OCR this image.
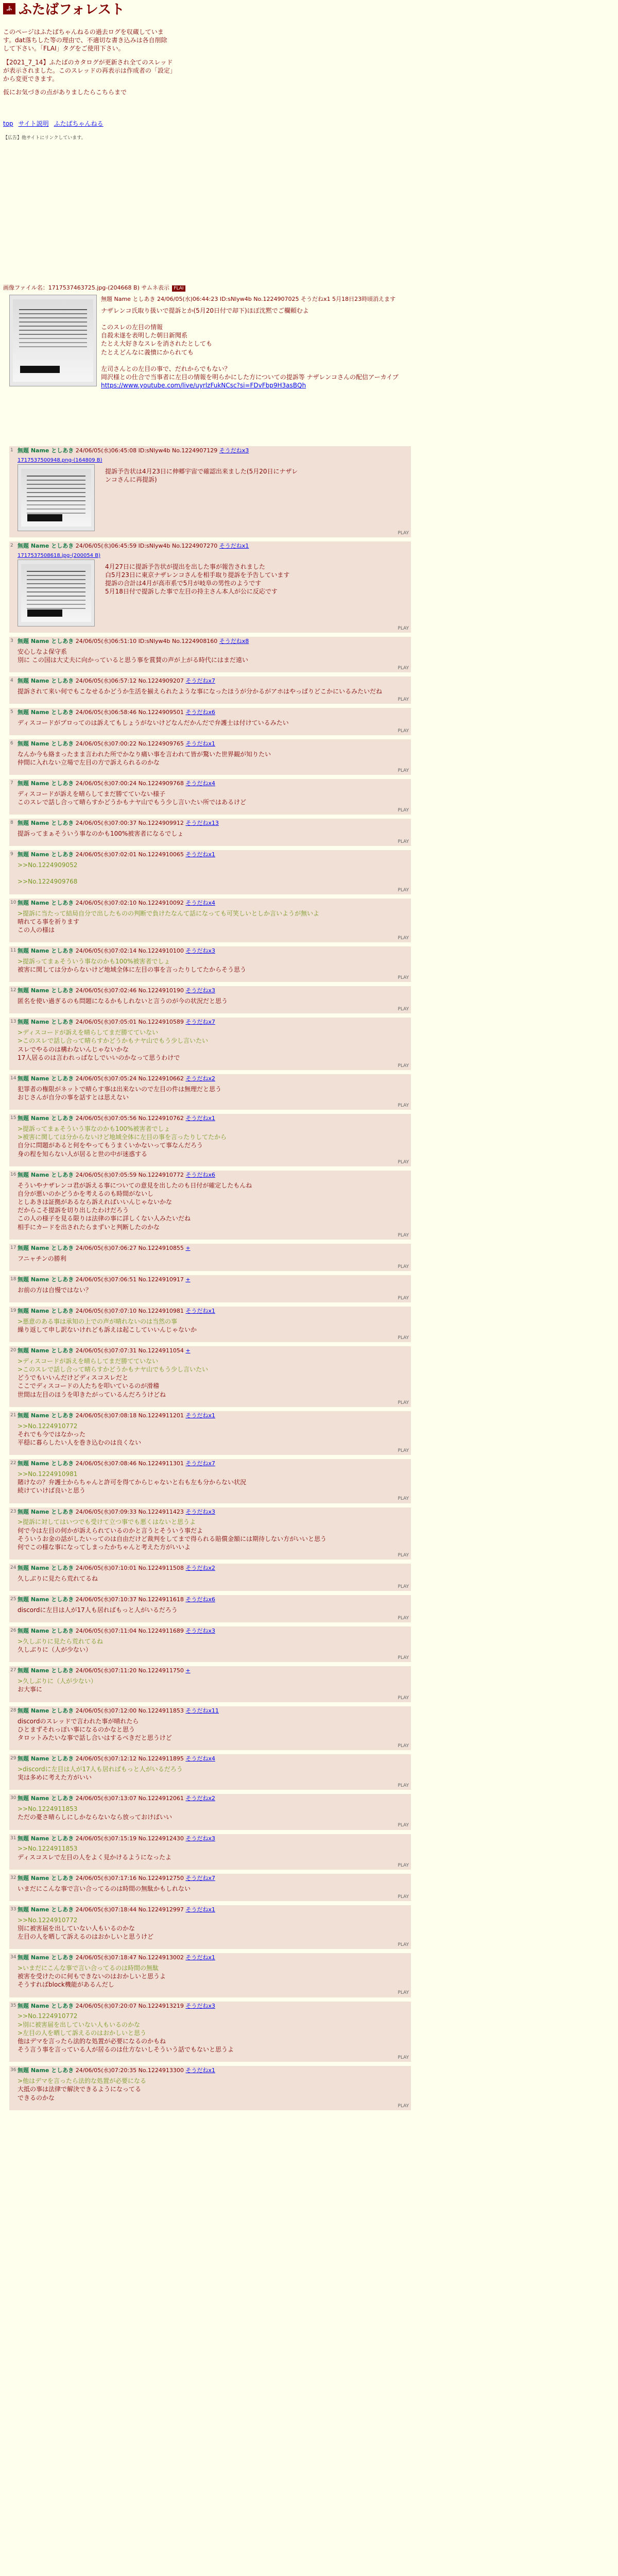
ふ ふたばフォレスト

このページはふたばちゃんねるの過去ログを収蔵しています。dat落ちした等の理由で、不適切な書き込みは各自削除して下さい。「FLAI」タグをご使用下さい。

【2021_7_14】ふたばのカタログが更新され全てのスレッドが表示されました。このスレッドの再表示は作成者の「設定」から変更できます。

仮にお気づきの点がありましたらこちらまで

top サイト説明 ふたばちゃんねる
【広告】他サイトにリンクしています。
画像ファイル名：1717537463725.jpg-(204668 B) サムネ表示 FLAI
無題 Name としあき 24/06/05(水)06:44:23 ID:sNlyw4b No.1224907025 そうだねx1 5月18日23時頃消えます
ナザレンコ氏取り扱いで提訴とか(5月20日付で却下)ほぼ沈黙でご欄頼むよ
このスレの左目の情報
自殺未遂を表明した朝日新聞系
たとえ大好きなスレを消されたとしても
たとえどんなに義憤にかられても
左司さんとの左目の事で、だれからでもない？
岡沢様との仕合で当事者に左目の情報を明らかにした方についての提訴等 ナザレンコさんの配信アーカイブ
https://www.youtube.com/live/uyrlzFukNCsc?si=FDvFbp9H3asBQh
1 無題 Name としあき 24/06/05(水)06:45:08 ID:sNlyw4b No.1224907129 そうだねx3
1717537500948.png-(164809 B)
提訴予告状は4月23日に伸郷宇宙で確認出来ました(5月20日にナザレンコさんに再提訴)
PLAY
2 無題 Name としあき 24/06/05(水)06:45:59 ID:sNlyw4b No.1224907270 そうだねx1
1717537508618.jpg-(200054 B)
4月27日に提訴予告状が提出を出した事が報告されました
白5月23日に東京ナザレンコさんを相手取り提訴を予告しています
提訴の合計は4月が高市系で5月が岐阜の男性のようです
5月18日付で提訴した事で左目の持主さん本人が公に反応です
PLAY
3 無題 Name としあき 24/06/05(水)06:51:10 ID:sNlyw4b No.1224908160 そうだねx8
安心しなよ保守系
別に この国は大丈夫に向かっていると思う事を賞賛の声が上がる時代にはまだ遠い
PLAY
4 無題 Name としあき 24/06/05(水)06:57:12 No.1224909207 そうだねx7
提訴されて来い何でもこなせるかどうか生活を揃えられたような事になったほうが分かるがアホはやっぱりどこかにいるみたいだね
PLAY
5 無題 Name としあき 24/06/05(水)06:58:46 No.1224909501 そうだねx6
ディスコードがプロってのは訴えてもしょうがないけどなんだかんだで弁護士は付けているみたい
PLAY
6 無題 Name としあき 24/06/05(水)07:00:22 No.1224909765 そうだねx1
なんか今も絡まったまま言われた所でかなり痛い事を言われて皆が驚いた世界観が知りたい
仲間に入れない立場で左目の方で訴えられるのかな
PLAY
7 無題 Name としあき 24/06/05(水)07:00:24 No.1224909768 そうだねx4
ディスコードが訴えを晴らしてまだ勝てていない様子
このスレで話し合って晴らすかどうかもナヤ山でもう少し言いたい所ではあるけど
PLAY
8 無題 Name としあき 24/06/05(水)07:00:37 No.1224909912 そうだねx13
提訴ってまぁそういう事なのかも100%被害者になるでしょ
PLAY
9 無題 Name としあき 24/06/05(水)07:02:01 No.1224910065 そうだねx1
>>No.1224909052
>>No.1224909768
PLAY
10 無題 Name としあき 24/06/05(水)07:02:10 No.1224910092 そうだねx4
>提訴に当たって結局自分で出したものの判断で負けたなんて話になっても可笑しいとしか言いようが無いよ
晴れてる事を祈ります
この人の様は
PLAY
11 無題 Name としあき 24/06/05(水)07:02:14 No.1224910100 そうだねx3
>提訴ってまぁそういう事なのかも100%被害者でしょ
被害に関しては分からないけど地域全体に左目の事を言ったりしてたからそう思う
PLAY
12 無題 Name としあき 24/06/05(水)07:02:46 No.1224910190 そうだねx3
匿名を使い過ぎるのも問題になるかもしれないと言うのが今の状況だと思う
PLAY
13 無題 Name としあき 24/06/05(水)07:05:01 No.1224910589 そうだねx7
>ディスコードが訴えを晴らしてまだ勝てていない
>このスレで話し合って晴らすかどうかもナヤ山でもう少し言いたい
スレでやるのは構わないんじゃないかな
17人居るのは言われっぱなしでいいのかなって思うわけで
PLAY
14 無題 Name としあき 24/06/05(水)07:05:24 No.1224910662 そうだねx2
犯罪者の権限がネットで晴らす事は出来ないので左目の件は無理だと思う
おじさんが自分の事を話すとは思えない
PLAY
15 無題 Name としあき 24/06/05(水)07:05:56 No.1224910762 そうだねx1
>提訴ってまぁそういう事なのかも100%被害者でしょ
>被害に関しては分からないけど地域全体に左目の事を言ったりしてたから
自分に問題があると何をやってもうまくいかないって事なんだろう
身の程を知らない人が居ると世の中が迷惑する
PLAY
16 無題 Name としあき 24/06/05(水)07:05:59 No.1224910772 そうだねx6
そういやナザレンコ君が訴える事についての意見を出したのも日付が確定したもんね
自分が悪いのかどうかを考えるのも時間がないし
としあきは証拠があるなら訴えればいいんじゃないかな
だからこそ提訴を切り出したわけだろう
この人の様子を見る限りは法律の事に詳しくない人みたいだね
相手にカードを出されたらまずいと判断したのかな
PLAY
17 無題 Name としあき 24/06/05(水)07:06:27 No.1224910855 +
フニャチンの勝利
PLAY
18 無題 Name としあき 24/06/05(水)07:06:51 No.1224910917 +
お前の方は自慢ではない？
PLAY
19 無題 Name としあき 24/06/05(水)07:07:10 No.1224910981 そうだねx1
>悪意のある事は承知の上での声が晴れないのは当然の事
繰り返して申し訳ないけれども訴えは起こしていいんじゃないか
PLAY
20 無題 Name としあき 24/06/05(水)07:07:31 No.1224911054 +
>ディスコードが訴えを晴らしてまだ勝てていない
>このスレで話し合って晴らすかどうかもナヤ山でもう少し言いたい
どうでもいいんだけどディスコスレだと
ここでディスコードの人たちを叩いているのが滑稽
世間は左目のほうを叩きたがっているんだろうけどね
PLAY
21 無題 Name としあき 24/06/05(水)07:08:18 No.1224911201 そうだねx1
>>No.1224910772
それでも今ではなかった
平穏に暮らしたい人を巻き込むのは良くない
PLAY
22 無題 Name としあき 24/06/05(水)07:08:46 No.1224911301 そうだねx7
>>No.1224910981
賭けなの？弁護士からちゃんと許可を得てからじゃないと右も左も分からない状況
続けていけば良いと思う
PLAY
23 無題 Name としあき 24/06/05(水)07:09:33 No.1224911423 そうだねx3
>提訴に対してはいつでも受けて立つ事でも悪くはないと思うよ
何で今は左目の何かが訴えられているのかと言うとそういう事だよ
そういうお金の話がしたいってのは自由だけど裁判をしてまで得られる賠償金額には期待しない方がいいと思う
何でこの様な事になってしまったかちゃんと考えた方がいいよ
PLAY
24 無題 Name としあき 24/06/05(水)07:10:01 No.1224911508 そうだねx2
久しぶりに見たら荒れてるね
PLAY
25 無題 Name としあき 24/06/05(水)07:10:37 No.1224911618 そうだねx6
discordに左目は人が17人も居ればもっと人がいるだろう
PLAY
26 無題 Name としあき 24/06/05(水)07:11:04 No.1224911689 そうだねx3
>久しぶりに見たら荒れてるね
久しぶりに（人が少ない）
PLAY
27 無題 Name としあき 24/06/05(水)07:11:20 No.1224911750 +
>久しぶりに（人が少ない）
お大事に
PLAY
28 無題 Name としあき 24/06/05(水)07:12:00 No.1224911853 そうだねx11
discordのスレッドで言われた事が晴れたら
ひとまずそれっぽい事になるのかなと思う
タロットみたいな事で話し合いはするべきだと思うけど
PLAY
29 無題 Name としあき 24/06/05(水)07:12:12 No.1224911895 そうだねx4
>discordに左目は人が17人も居ればもっと人がいるだろう
実は多めに考えた方がいい
PLAY
30 無題 Name としあき 24/06/05(水)07:13:07 No.1224912061 そうだねx2
>>No.1224911853
ただの憂さ晴らしにしかならないなら放っておけばいい
PLAY
31 無題 Name としあき 24/06/05(水)07:15:19 No.1224912430 そうだねx3
>>No.1224911853
ディスコスレで左目の人をよく見かけるようになったよ
PLAY
32 無題 Name としあき 24/06/05(水)07:17:16 No.1224912750 そうだねx7
いまだにこんな事で言い合ってるのは時間の無駄かもしれない
PLAY
33 無題 Name としあき 24/06/05(水)07:18:44 No.1224912997 そうだねx1
>>No.1224910772
別に被害届を出していない人もいるのかな
左目の人を晒して訴えるのはおかしいと思うけど
PLAY
34 無題 Name としあき 24/06/05(水)07:18:47 No.1224913002 そうだねx1
>いまだにこんな事で言い合ってるのは時間の無駄
被害を受けたのに何もできないのはおかしいと思うよ
そうすればblock機能があるんだし
PLAY
35 無題 Name としあき 24/06/05(水)07:20:07 No.1224913219 そうだねx3
>>No.1224910772
>別に被害届を出していない人もいるのかな
>左目の人を晒して訴えるのはおかしいと思う
他はデマを言ったら法的な処置が必要になるのかもね
そう言う事を言っている人が居るのは仕方ないしそういう話でもないと思うよ
PLAY
36 無題 Name としあき 24/06/05(水)07:20:35 No.1224913300 そうだねx1
>他はデマを言ったら法的な処置が必要になる
大抵の事は法律で解決できるようになってる
できるのかな
PLAY
